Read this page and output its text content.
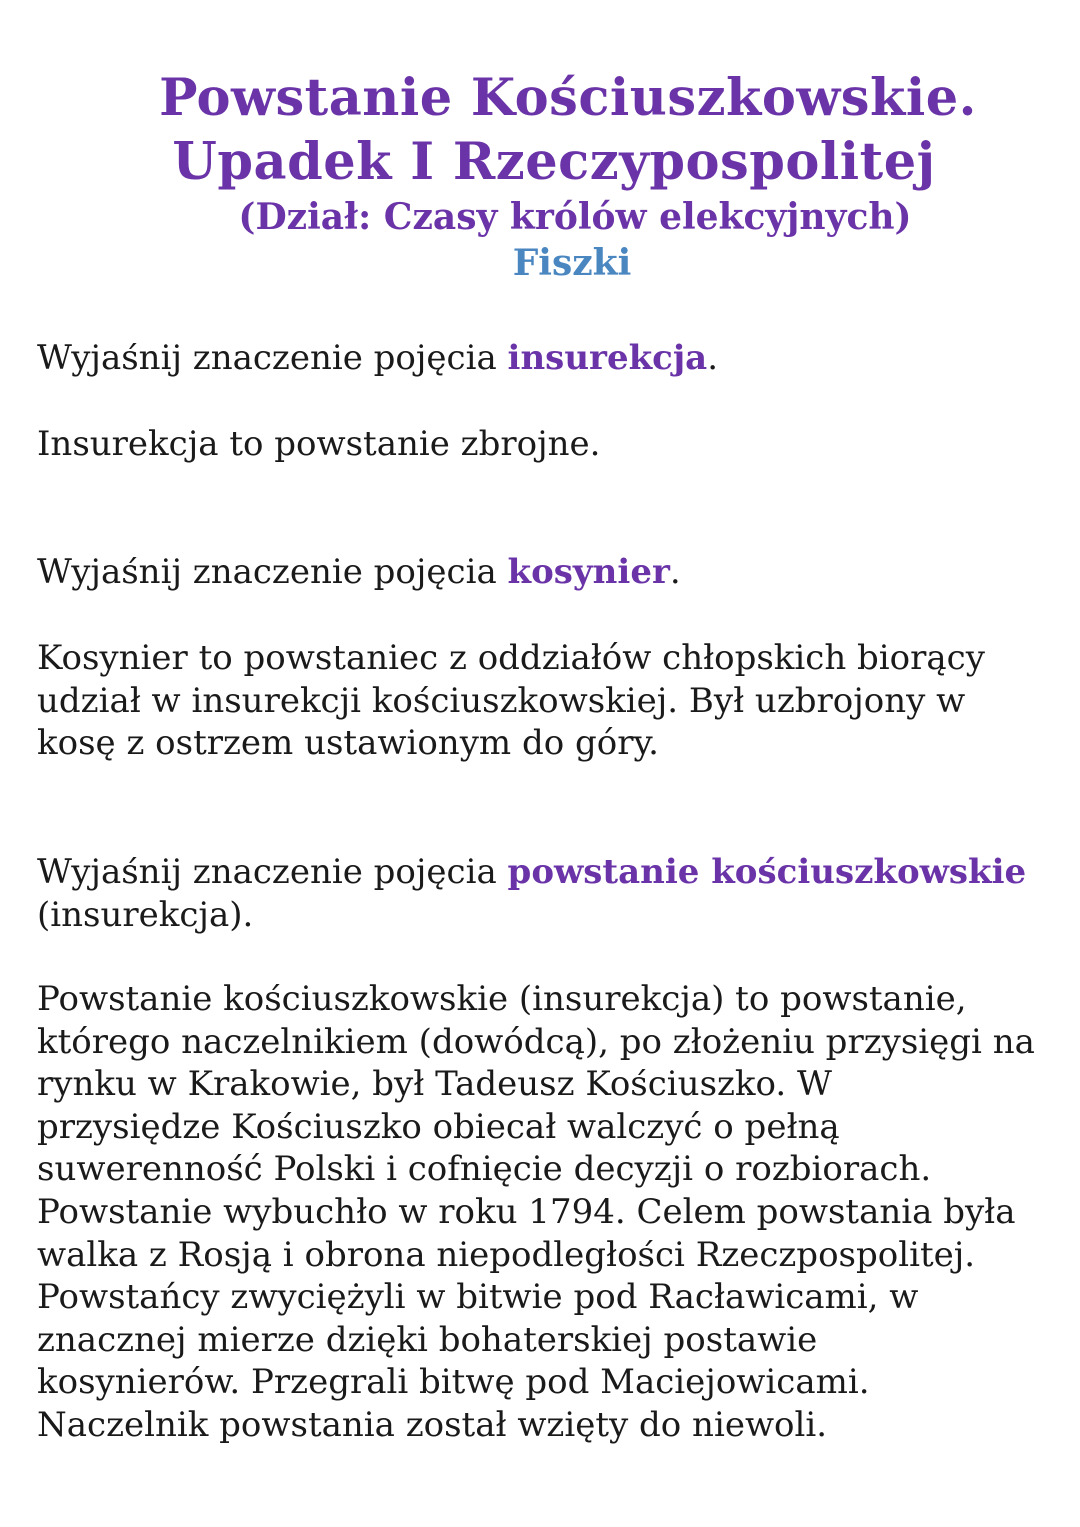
Powstanie Kościuszkowskie.
Upadek I Rzeczypospolitej

(Dział: Czasy królów elekcyjnych)

Fiszki

Wyjaśnij znaczenie pojęcia insurekcja.

Insurekcja to powstanie zbrojne.

Wyjaśnij znaczenie pojęcia kosynier.

Kosynier to powstaniec z oddziałów chłopskich biorący
udział w insurekcji kościuszkowskiej. Był uzbrojony w
kosę z ostrzem ustawionym do góry.

Wyjaśnij znaczenie pojęcia powstanie kościuszkowskie
(insurekcja).

Powstanie kościuszkowskie (insurekcja) to powstanie,
którego naczelnikiem (dowódcą), po złożeniu przysięgi na
rynku w Krakowie, był Tadeusz Kościuszko. W
przysiędze Kościuszko obiecał walczyć o pełną
suwerenność Polski i cofnięcie decyzji o rozbiorach.
Powstanie wybuchło w roku 1794. Celem powstania była
walka z Rosją i obrona niepodległości Rzeczpospolitej.
Powstańcy zwyciężyli w bitwie pod Racławicami, w
znacznej mierze dzięki bohaterskiej postawie
kosynierów. Przegrali bitwę pod Maciejowicami.
Naczelnik powstania został wzięty do niewoli.
